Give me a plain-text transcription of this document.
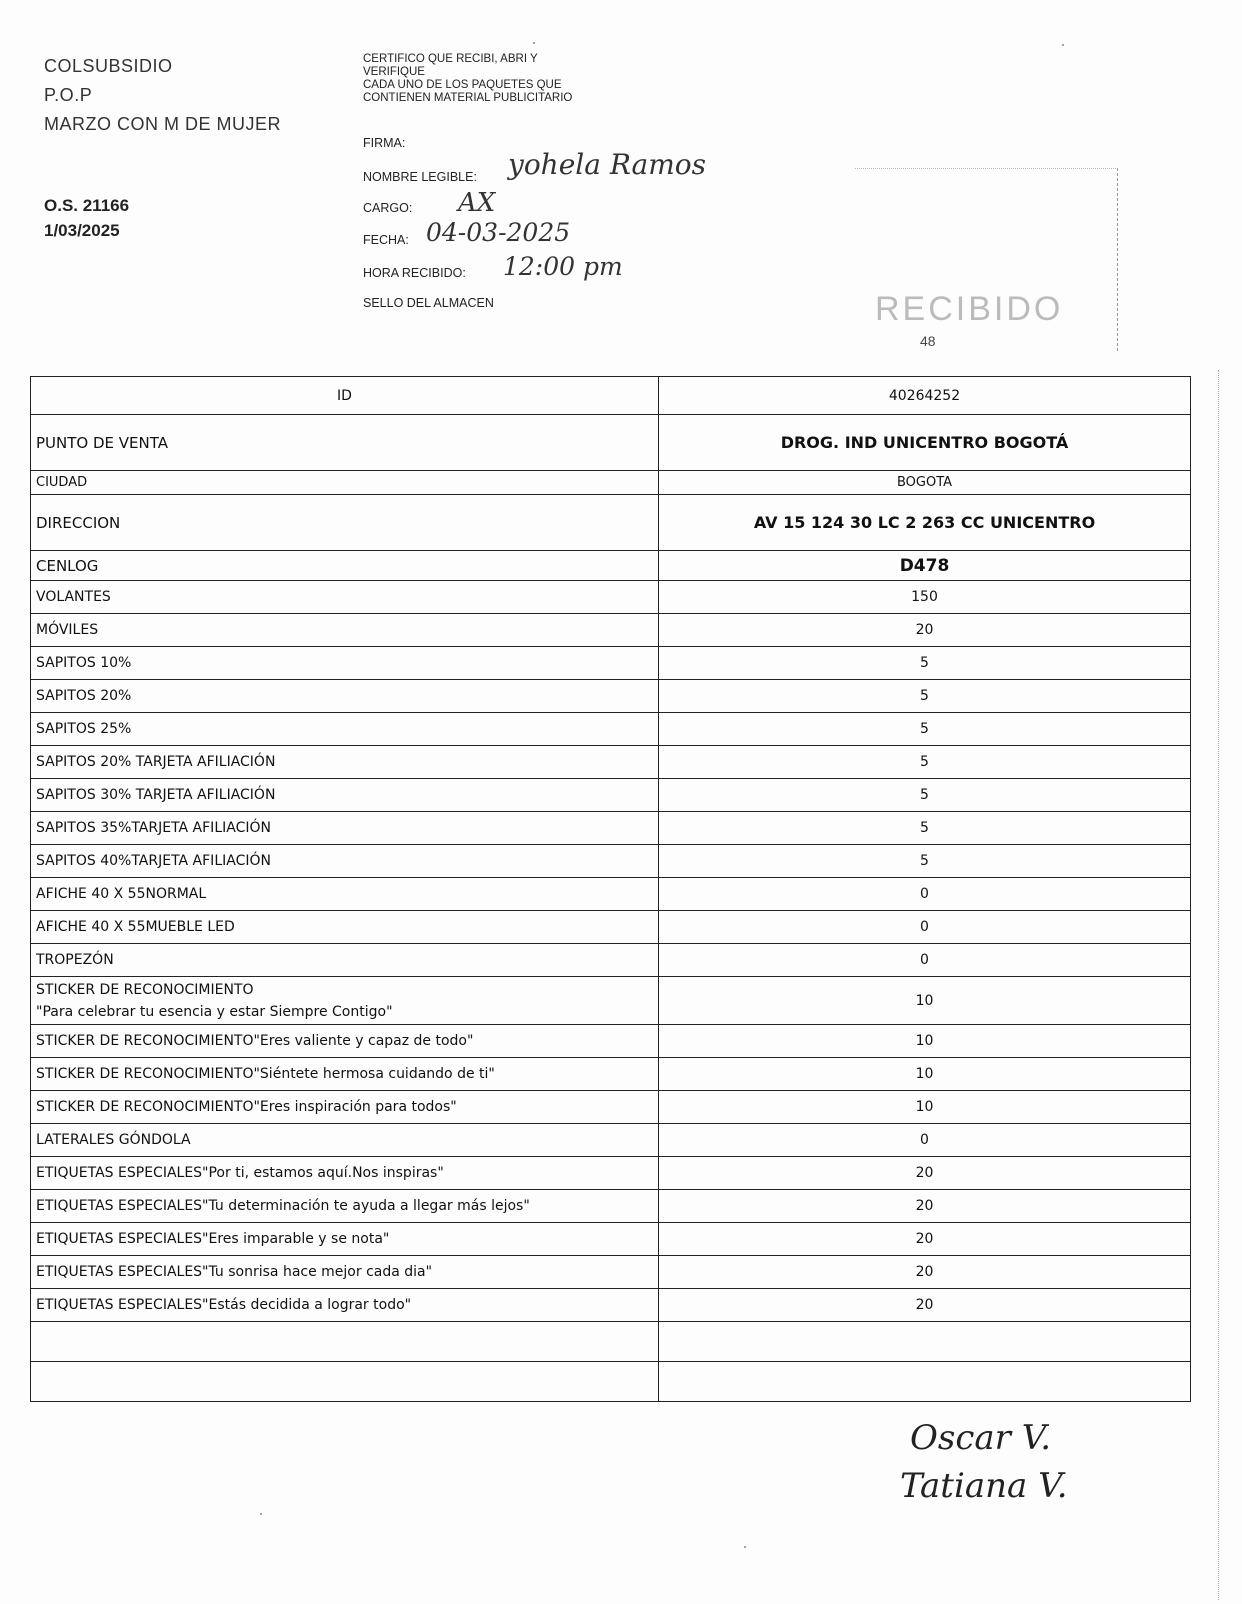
COLSUBSIDIO
P.O.P
MARZO CON M DE MUJER
O.S. 21166
1/03/2025
CERTIFICO QUE RECIBI, ABRI Y
VERIFIQUE
CADA UNO DE LOS PAQUETES QUE
CONTIENEN MATERIAL PUBLICITARIO
FIRMA:
NOMBRE LEGIBLE: yohela Ramos
CARGO: AX
FECHA: 04-03-2025
HORA RECIBIDO: 12:00 pm
SELLO DEL ALMACEN	RECIBIDO
48
ID	40264252
PUNTO DE VENTA	DROG. IND UNICENTRO BOGOTÁ
CIUDAD	BOGOTA
DIRECCION	AV 15 124 30 LC 2 263 CC UNICENTRO
CENLOG	D478
VOLANTES	150
MÓVILES	20
SAPITOS 10%	5
SAPITOS 20%	5
SAPITOS 25%	5
SAPITOS 20% TARJETA AFILIACIÓN	5
SAPITOS 30% TARJETA AFILIACIÓN	5
SAPITOS 35%TARJETA AFILIACIÓN	5
SAPITOS 40%TARJETA AFILIACIÓN	5
AFICHE 40 X 55NORMAL	0
AFICHE 40 X 55MUEBLE LED	0
TROPEZÓN	0

STICKER DE RECONOCIMIENTO
"Para celebrar tu esencia y estar Siempre Contigo"	10
STICKER DE RECONOCIMIENTO"Eres valiente y capaz de todo"	10
STICKER DE RECONOCIMIENTO"Siéntete hermosa cuidando de ti"	10
STICKER DE RECONOCIMIENTO"Eres inspiración para todos"	10
LATERALES GÓNDOLA	0
ETIQUETAS ESPECIALES"Por ti, estamos aquí.Nos inspiras"	20
ETIQUETAS ESPECIALES"Tu determinación te ayuda a llegar más lejos"	20
ETIQUETAS ESPECIALES"Eres imparable y se nota"	20
ETIQUETAS ESPECIALES"Tu sonrisa hace mejor cada dia"	20
ETIQUETAS ESPECIALES"Estás decidida a lograr todo"	20

Oscar V.
Tatiana V.
